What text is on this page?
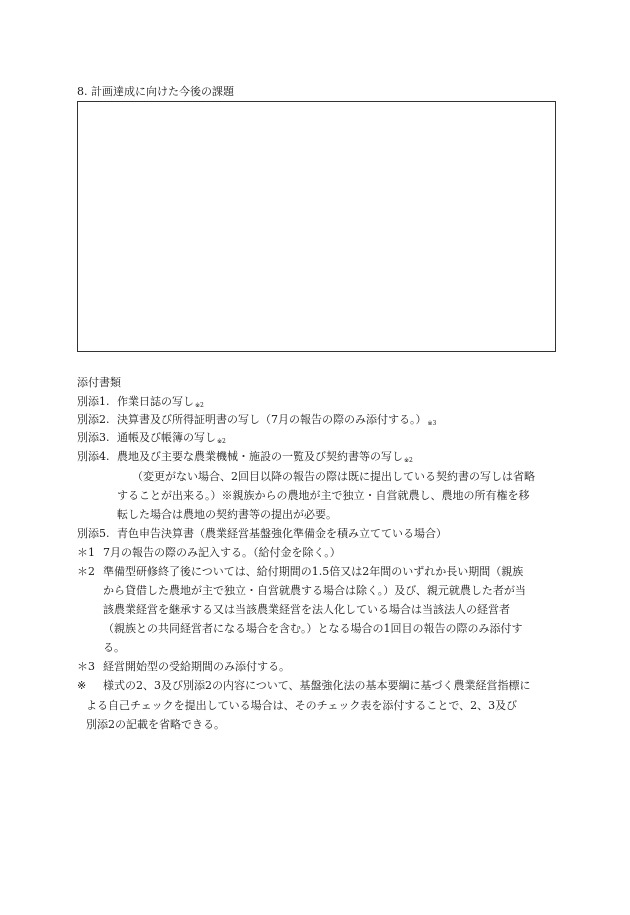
8. 計画達成に向けた今後の課題
添付書類
別添1. 作業日誌の写し$_{※2}$
別添2. 決算書及び所得証明書の写し（7月の報告の際のみ添付する。）$_{※3}$
別添3. 通帳及び帳簿の写し$_{※2}$
別添4. 農地及び主要な農業機械・施設の一覧及び契約書等の写し$_{※2}$
（変更がない場合、2回目以降の報告の際は既に提出している契約書の写しは省略
することが出来る。）※親族からの農地が主で独立・自営就農し、農地の所有権を移
転した場合は農地の契約書等の提出が必要。
別添5. 青色申告決算書（農業経営基盤強化準備金を積み立てている場合）
＊1 7月の報告の際のみ記入する。（給付金を除く。）
＊2 準備型研修終了後については、給付期間の1.5倍又は2年間のいずれか長い期間（親族
から貸借した農地が主で独立・自営就農する場合は除く。）及び、親元就農した者が当
該農業経営を継承する又は当該農業経営を法人化している場合は当該法人の経営者
（親族との共同経営者になる場合を含む。）となる場合の1回目の報告の際のみ添付す
る。
＊3 経営開始型の受給期間のみ添付する。
※ 様式の2、3及び別添2の内容について、基盤強化法の基本要綱に基づく農業経営指標に
よる自己チェックを提出している場合は、そのチェック表を添付することで、2、3及び
別添2の記載を省略できる。
